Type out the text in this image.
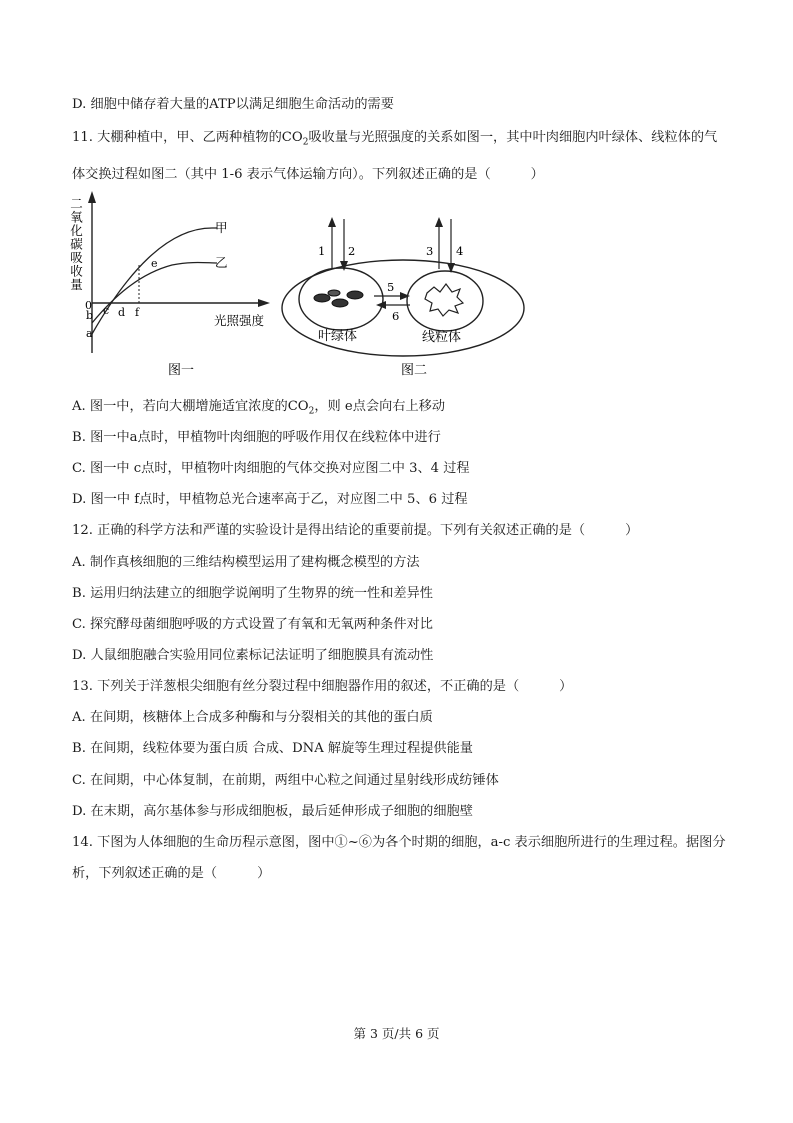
D. 细胞中储存着大量的ATP以满足细胞生命活动的需要
11. 大棚种植中，甲、乙两种植物的$CO_2$吸收量与光照强度的关系如图一，其中叶肉细胞内叶绿体、线粒体的气体交换过程如图二（其中 1-6 表示气体运输方向）。下列叙述正确的是（	）
二氧化碳吸收量
光照强度
0
甲
乙
a
b c d
e
f
图一
1 2	3 4
5
6
叶绿体	线粒体
图二
A. 图一中，若向大棚增施适宜浓度的$CO_2$，则 e点会向右上移动
B. 图一中a点时，甲植物叶肉细胞的呼吸作用仅在线粒体中进行
C. 图一中 c点时，甲植物叶肉细胞的气体交换对应图二中 3、4 过程
D. 图一中 f点时，甲植物总光合速率高于乙，对应图二中 5、6 过程
12. 正确的科学方法和严谨的实验设计是得出结论的重要前提。下列有关叙述正确的是（	）
A. 制作真核细胞的三维结构模型运用了建构概念模型的方法
B. 运用归纳法建立的细胞学说阐明了生物界的统一性和差异性
C. 探究酵母菌细胞呼吸的方式设置了有氧和无氧两种条件对比
D. 人鼠细胞融合实验用同位素标记法证明了细胞膜具有流动性
13. 下列关于洋葱根尖细胞有丝分裂过程中细胞器作用的叙述，不正确的是（	）
A. 在间期，核糖体上合成多种酶和与分裂相关的其他的蛋白质
B. 在间期，线粒体要为蛋白质 合成、DNA 解旋等生理过程提供能量
C. 在间期，中心体复制，在前期，两组中心粒之间通过星射线形成纺锤体
D. 在末期，高尔基体参与形成细胞板，最后延伸形成子细胞的细胞壁
14. 下图为人体细胞的生命历程示意图，图中①~⑥为各个时期的细胞，a-c 表示细胞所进行的生理过程。据图分析，下列叙述正确的是（	）
第 3 页/共 6 页
